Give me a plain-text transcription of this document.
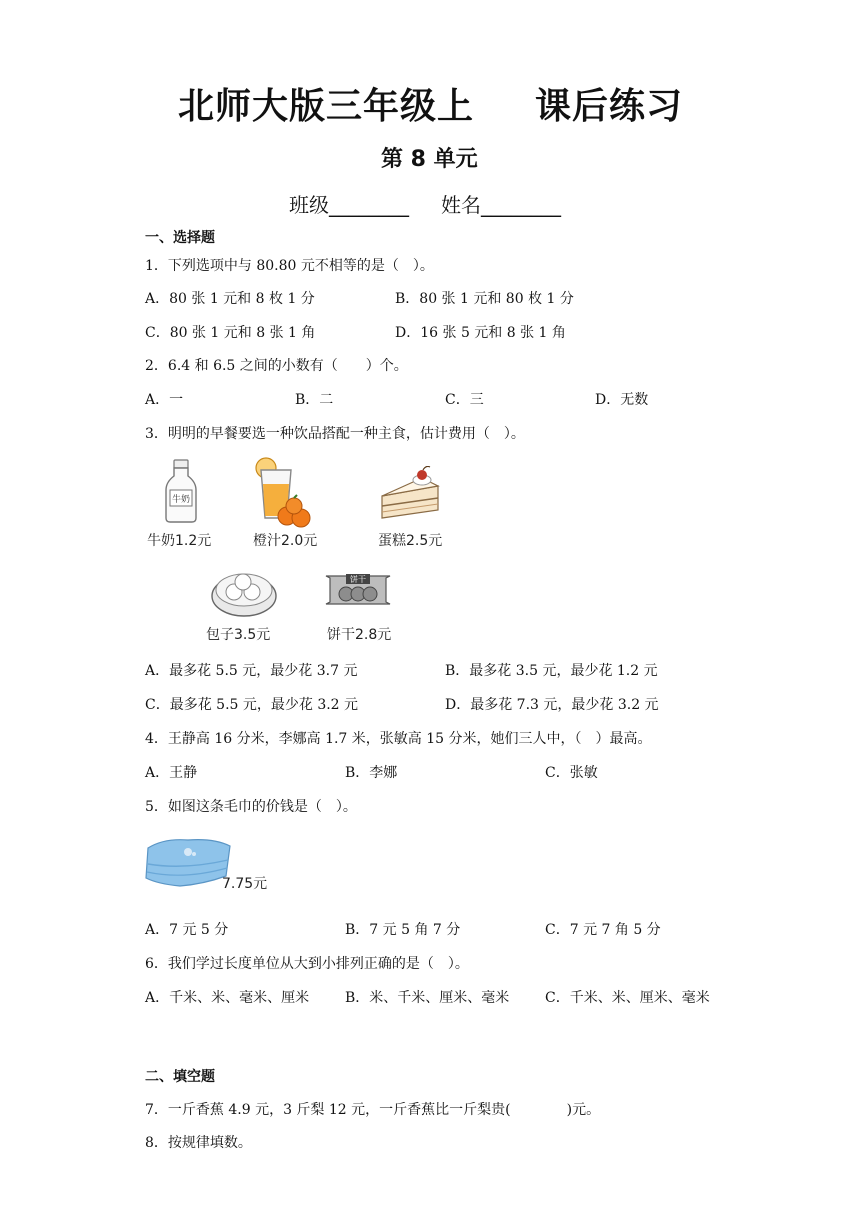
北师大版三年级上 课后练习
第 8 单元
班级________ 姓名________
一、选择题
1．下列选项中与 80.80 元不相等的是（　）。
A．80 张 1 元和 8 枚 1 分	B．80 张 1 元和 80 枚 1 分
C．80 张 1 元和 8 张 1 角	D．16 张 5 元和 8 张 1 角
2．6.4 和 6.5 之间的小数有（　　）个。
A．一	B．二	C．三	D．无数
3．明明的早餐要选一种饮品搭配一种主食，估计费用（　）。
牛奶
牛奶1.2元	橙汁2.0元	蛋糕2.5元
包子3.5元
饼干
饼干2.8元
A．最多花 5.5 元，最少花 3.7 元	B．最多花 3.5 元，最少花 1.2 元
C．最多花 5.5 元，最少花 3.2 元	D．最多花 7.3 元，最少花 3.2 元
4．王静高 16 分米，李娜高 1.7 米，张敏高 15 分米，她们三人中，（　）最高。
A．王静	B．李娜	C．张敏
5．如图这条毛巾的价钱是（　）。
7.75元
A．7 元 5 分	B．7 元 5 角 7 分	C．7 元 7 角 5 分
6．我们学过长度单位从大到小排列正确的是（　）。
A．千米、米、毫米、厘米	B．米、千米、厘米、毫米	C．千米、米、厘米、毫米
二、填空题
7．一斤香蕉 4.9 元，3 斤梨 12 元，一斤香蕉比一斤梨贵(　　　　)元。
8．按规律填数。
